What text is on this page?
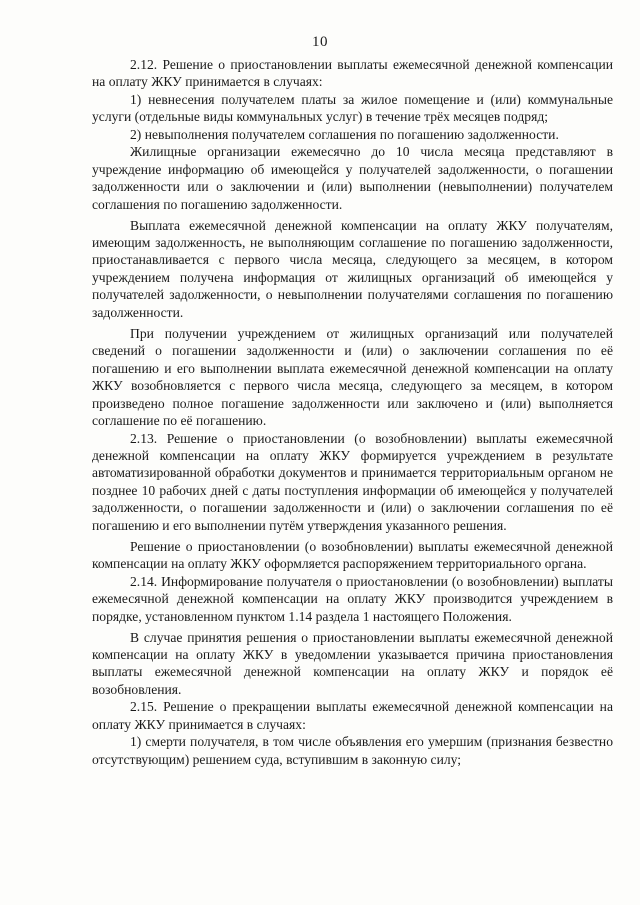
10

2.12. Решение о приостановлении выплаты ежемесячной денежной компенсации на оплату ЖКУ принимается в случаях:

1) невнесения получателем платы за жилое помещение и (или) коммунальные услуги (отдельные виды коммунальных услуг) в течение трёх месяцев подряд;

2) невыполнения получателем соглашения по погашению задолженности.

Жилищные организации ежемесячно до 10 числа месяца представляют в учреждение информацию об имеющейся у получателей задолженности, о погашении задолженности или о заключении и (или) выполнении (невыполнении) получателем соглашения по погашению задолженности.

Выплата ежемесячной денежной компенсации на оплату ЖКУ получателям, имеющим задолженность, не выполняющим соглашение по погашению задолженности, приостанавливается с первого числа месяца, следующего за месяцем, в котором учреждением получена информация от жилищных организаций об имеющейся у получателей задолженности, о невыполнении получателями соглашения по погашению задолженности.

При получении учреждением от жилищных организаций или получателей сведений о погашении задолженности и (или) о заключении соглашения по её погашению и его выполнении выплата ежемесячной денежной компенсации на оплату ЖКУ возобновляется с первого числа месяца, следующего за месяцем, в котором произведено полное погашение задолженности или заключено и (или) выполняется соглашение по её погашению.

2.13. Решение о приостановлении (о возобновлении) выплаты ежемесячной денежной компенсации на оплату ЖКУ формируется учреждением в результате автоматизированной обработки документов и принимается территориальным органом не позднее 10 рабочих дней с даты поступления информации об имеющейся у получателей задолженности, о погашении задолженности и (или) о заключении соглашения по её погашению и его выполнении путём утверждения указанного решения.

Решение о приостановлении (о возобновлении) выплаты ежемесячной денежной компенсации на оплату ЖКУ оформляется распоряжением территориального органа.

2.14. Информирование получателя о приостановлении (о возобновлении) выплаты ежемесячной денежной компенсации на оплату ЖКУ производится учреждением в порядке, установленном пунктом 1.14 раздела 1 настоящего Положения.

В случае принятия решения о приостановлении выплаты ежемесячной денежной компенсации на оплату ЖКУ в уведомлении указывается причина приостановления выплаты ежемесячной денежной компенсации на оплату ЖКУ и порядок её возобновления.

2.15. Решение о прекращении выплаты ежемесячной денежной компенсации на оплату ЖКУ принимается в случаях:

1) смерти получателя, в том числе объявления его умершим (признания безвестно отсутствующим) решением суда, вступившим в законную силу;
